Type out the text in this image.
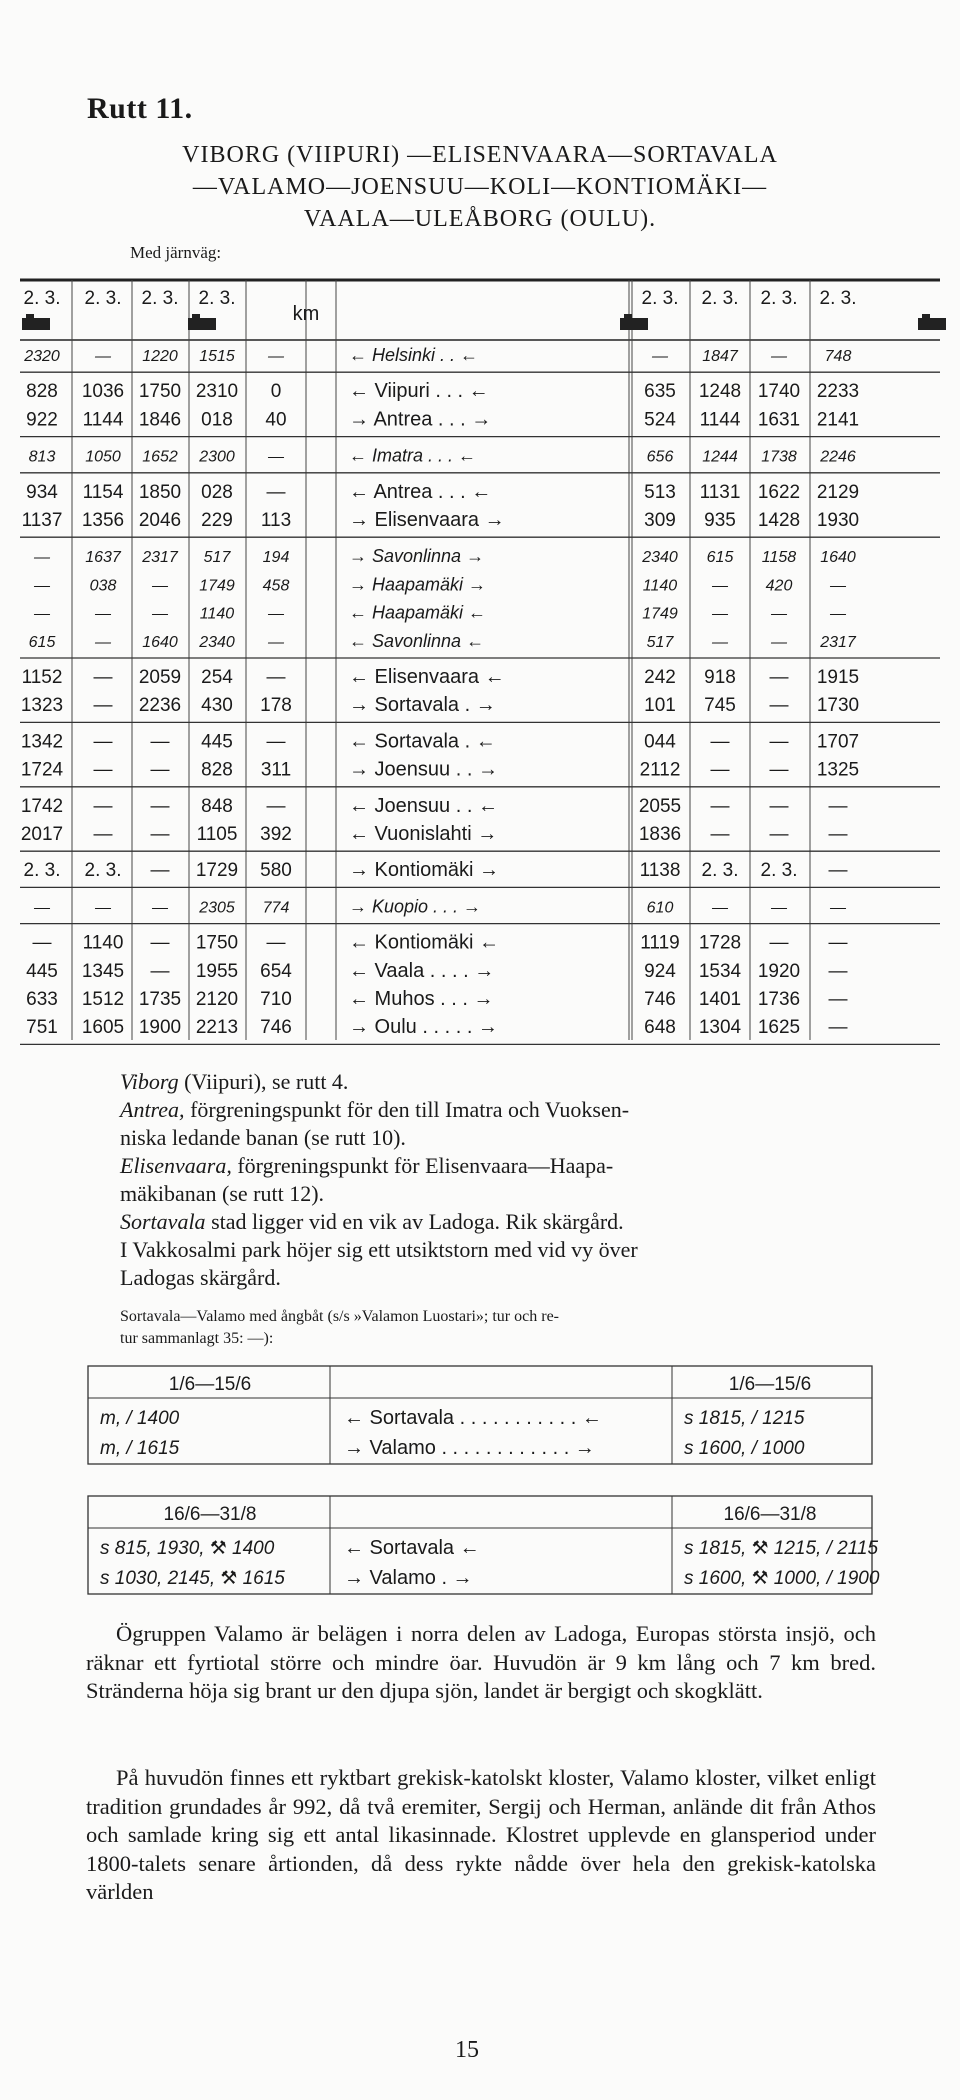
Rutt 11.
VIBORG (VIIPURI) —ELISENVAARA—SORTAVALA
—VALAMO—JOENSUU—KOLI—KONTIOMÄKI—
VAALA—ULEÅBORG (OULU).
Med järnväg:
2. 3. 2. 3. 2. 3. 2. 3.	2. 3. 2. 3. 2. 3. 2. 3.
km
2320 — 1220 1515 —	← Helsinki . . ←	— 1847 — 748
828 1036 1750 2310 0	← Viipuri . . . ←	635 1248 1740 2233
922 1144 1846 018 40	→ Antrea . . . →	524 1144 1631 2141
813 1050 1652 2300 —	← Imatra . . . ←	656 1244 1738 2246
934 1154 1850 028 —	← Antrea . . . ←	513 1131 1622 2129
1137 1356 2046 229 113	→ Elisenvaara →	309 935 1428 1930
— 1637 2317 517 194	→ Savonlinna →	2340 615 1158 1640
— 038 — 1749 458	→ Haapamäki →	1140 — 420 —
—	—	— 1140 —	← Haapamäki ←	1749 —	—	—
615 — 1640 2340 —	← Savonlinna ←	517 —	— 2317
1152 — 2059 254 —	← Elisenvaara ←	242 918 — 1915
1323 — 2236 430 178	→ Sortavala . →	101 745 — 1730
1342 — — 445 —	← Sortavala . ←	044 — — 1707
1724 — — 828 311	→ Joensuu . . →	2112 — — 1325
1742 — — 848 —	← Joensuu . . ←	2055 — — —
2017 — — 1105 392	← Vuonislahti →	1836 — — —
2. 3. 2. 3. — 1729 580	→ Kontiomäki →	1138 2. 3. 2. 3. —
—	—	— 2305 774	→ Kuopio . . . →	610 —	—	—
— 1140 — 1750 —	← Kontiomäki ←	1119 1728 — —
445 1345 — 1955 654	← Vaala . . . . →	924 1534 1920 —
633 1512 1735 2120 710	← Muhos . . . →	746 1401 1736 —
751 1605 1900 2213 746	→ Oulu . . . . . →	648 1304 1625 —
Viborg (Viipuri), se rutt 4.
Antrea, förgreningspunkt för den till Imatra och Vuoksen-
niska ledande banan (se rutt 10).
Elisenvaara, förgreningspunkt för Elisenvaara—Haapa-
mäkibanan (se rutt 12).
Sortavala stad ligger vid en vik av Ladoga. Rik skärgård.
I Vakkosalmi park höjer sig ett utsiktstorn med vid vy över
Ladogas skärgård.
Sortavala—Valamo med ångbåt (s/s »Valamon Luostari»; tur och re-
tur sammanlagt 35: —):
1/6—15/6	1/6—15/6
m, / 1400	← Sortavala . . . . . . . . . . . ←	s 1815, / 1215
m, / 1615	→ Valamo . . . . . . . . . . . . →	s 1600, / 1000
16/6—31/8	16/6—31/8
s 815, 1930, ⚒ 1400	← Sortavala ←	s 1815, ⚒ 1215, / 2115
s 1030, 2145, ⚒ 1615	→ Valamo . →	s 1600, ⚒ 1000, / 1900
Ögruppen Valamo är belägen i norra delen av Ladoga, Europas största insjö, och räknar ett fyrtiotal större och mindre öar. Huvudön är 9 km lång och 7 km bred. Stränderna höja sig brant ur den djupa sjön, landet är bergigt och skogklätt.
På huvudön finnes ett ryktbart grekisk-katolskt kloster, Valamo kloster, vilket enligt tradition grundades år 992, då två eremiter, Sergij och Herman, anlände dit från Athos och samlade kring sig ett antal likasinnade. Klostret upplevde en glansperiod under 1800-talets senare årtionden, då dess rykte nådde över hela den grekisk-katolska världen
15
